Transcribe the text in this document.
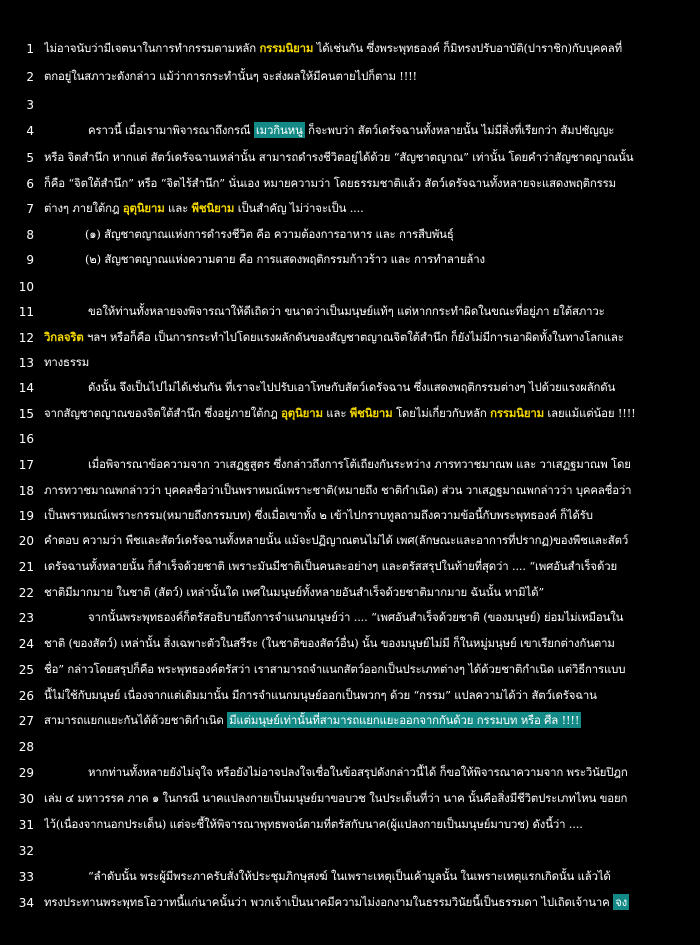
1 ไม่อาจนับว่ามีเจตนาในการทำกรรมตามหลัก กรรมนิยาม ได้เช่นกัน ซึ่งพระพุทธองค์ ก็มิทรงปรับอาบัติ(ปาราชิก)กับบุคคลที่
2 ตกอยู่ในสภาวะดังกล่าว แม้ว่าการกระทำนั้นๆ จะส่งผลให้มีคนตายไปก็ตาม !!!!
3
4	คราวนี้ เมื่อเรามาพิจารณาถึงกรณี เมวกินหนู ก็จะพบว่า สัตว์เดรัจฉานทั้งหลายนั้น ไม่มีสิ่งที่เรียกว่า สัมปชัญญะ
5 หรือ จิตสำนึก หากแต่ สัตว์เดรัจฉานเหล่านั้น สามารถดำรงชีวิตอยู่ได้ด้วย “สัญชาตญาณ” เท่านั้น โดยคำว่าสัญชาตญาณนั้น
6 ก็คือ “จิตใต้สำนึก” หรือ “จิตไร้สำนึก” นั่นเอง หมายความว่า โดยธรรมชาติแล้ว สัตว์เดรัจฉานทั้งหลายจะแสดงพฤติกรรม
7 ต่างๆ ภายใต้กฎ อุตุนิยาม และ พีชนิยาม เป็นสำคัญ ไม่ว่าจะเป็น ....
8	(๑) สัญชาตญาณแห่งการดำรงชีวิต คือ ความต้องการอาหาร และ การสืบพันธุ์
9	(๒) สัญชาตญาณแห่งความตาย คือ การแสดงพฤติกรรมก้าวร้าว และ การทำลายล้าง
10
11	ขอให้ท่านทั้งหลายจงพิจารณาให้ดีเถิดว่า ขนาดว่าเป็นมนุษย์แท้ๆ แต่หากกระทำผิดในขณะที่อยู่ภา ยใต้สภาวะ
12 วิกลจริต ฯลฯ หรือก็คือ เป็นการกระทำไปโดยแรงผลักดันของสัญชาตญาณจิตใต้สำนึก ก็ยังไม่มีการเอาผิดทั้งในทางโลกและ
13 ทางธรรม
14	ดังนั้น จึงเป็นไปไม่ได้เช่นกัน ที่เราจะไปปรับเอาโทษกับสัตว์เดรัจฉาน ซึ่งแสดงพฤติกรรมต่างๆ ไปด้วยแรงผลักดัน
15 จากสัญชาตญาณของจิตใต้สำนึก ซึ่งอยู่ภายใต้กฎ อุตุนิยาม และ พีชนิยาม โดยไม่เกี่ยวกับหลัก กรรมนิยาม เลยแม้แต่น้อย !!!!
16
17	เมื่อพิจารณาข้อความจาก วาเสฏฐสูตร ซึ่งกล่าวถึงการโต้เถียงกันระหว่าง ภารทวาชมาณพ และ วาเสฏฐมาณพ โดย
18 ภารทวาชมาณพกล่าวว่า บุคคลชื่อว่าเป็นพราหมณ์เพราะชาติ(หมายถึง ชาติกำเนิด) ส่วน วาเสฏฐมาณพกล่าวว่า บุคคลชื่อว่า
19 เป็นพราหมณ์เพราะกรรม(หมายถึงกรรมบท) ซึ่งเมื่อเขาทั้ง ๒ เข้าไปกราบทูลถามถึงความข้อนี้กับพระพุทธองค์ ก็ได้รับ
20 คำตอบ ความว่า พืชและสัตว์เดรัจฉานทั้งหลายนั้น แม้จะปฏิญาณตนไม่ได้ เพศ(ลักษณะและอาการที่ปรากฏ)ของพืชและสัตว์
21 เดรัจฉานทั้งหลายนั้น ก็สำเร็จด้วยชาติ เพราะมันมีชาติเป็นคนละอย่างๆ และตรัสสรุปในท้ายที่สุดว่า .... “เพศอันสำเร็จด้วย
22 ชาติมีมากมาย ในชาติ (สัตว์) เหล่านั้นใด เพศในมนุษย์ทั้งหลายอันสำเร็จด้วยชาติมากมาย ฉันนั้น หามิได้”
23	จากนั้นพระพุทธองค์ก็ตรัสอธิบายถึงการจำแนกมนุษย์ว่า .... “เพศอันสำเร็จด้วยชาติ (ของมนุษย์) ย่อมไม่เหมือนใน
24 ชาติ (ของสัตว์) เหล่านั้น สิ่งเฉพาะตัวในสรีระ (ในชาติของสัตว์อื่น) นั้น ของมนุษย์ไม่มี ก็ในหมู่มนุษย์ เขาเรียกต่างกันตาม
25 ชื่อ” กล่าวโดยสรุปก็คือ พระพุทธองค์ตรัสว่า เราสามารถจำแนกสัตว์ออกเป็นประเภทต่างๆ ได้ด้วยชาติกำเนิด แต่วิธีการแบบ
26 นี้ไม่ใช้กับมนุษย์ เนื่องจากแต่เดิมมานั้น มีการจำแนกมนุษย์ออกเป็นพวกๆ ด้วย “กรรม” แปลความได้ว่า สัตว์เดรัจฉาน
27 สามารถแยกแยะกันได้ด้วยชาติกำเนิด มีแต่มนุษย์เท่านั้นที่สามารถแยกแยะออกจากกันด้วย กรรมบท หรือ ศีล !!!!
28
29	หากท่านทั้งหลายยังไม่จุใจ หรือยังไม่อาจปลงใจเชื่อในข้อสรุปดังกล่าวนี้ได้ ก็ขอให้พิจารณาความจาก พระวินัยปิฎก
30 เล่ม ๔ มหาวรรค ภาค ๑ ในกรณี นาคแปลงกายเป็นมนุษย์มาขอบวช ในประเด็นที่ว่า นาค นั้นคือสิ่งมีชีวิตประเภทไหน ขอยก
31 ไว้(เนื่องจากนอกประเด็น) แต่จะชี้ให้พิจารณาพุทธพจน์ตามที่ตรัสกับนาค(ผู้แปลงกายเป็นมนุษย์มาบวช) ดังนี้ว่า ....
32
33	“ลำดับนั้น พระผู้มีพระภาครับสั่งให้ประชุมภิกษุสงฆ์ ในเพราะเหตุเป็นเค้ามูลนั้น ในเพราะเหตุแรกเกิดนั้น แล้วได้
34 ทรงประทานพระพุทธโอวาทนี้แก่นาคนั้นว่า พวกเจ้าเป็นนาคมีความไม่งอกงามในธรรมวินัยนี้เป็นธรรมดา ไปเถิดเจ้านาค จง
